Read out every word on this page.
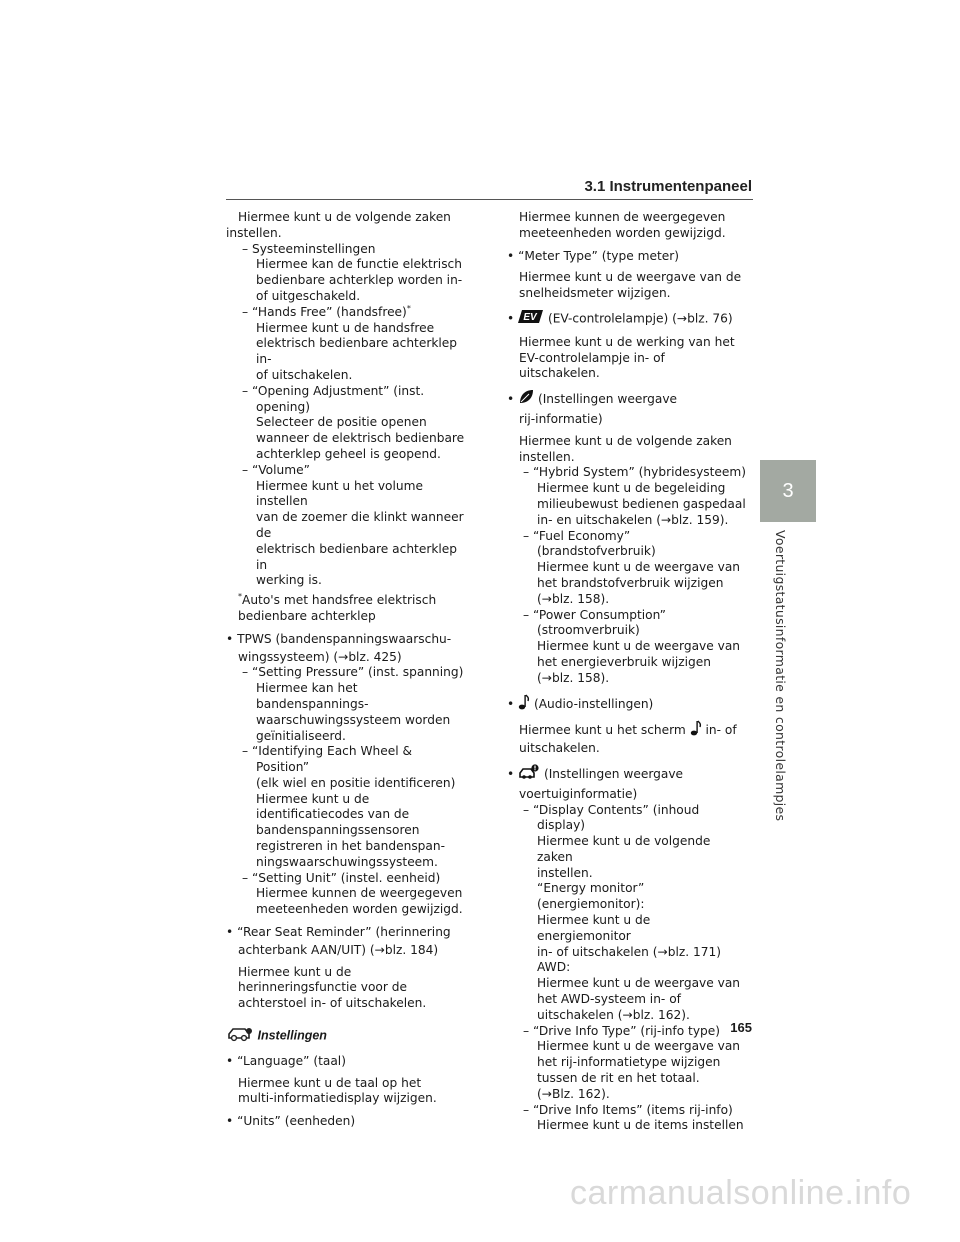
3.1 Instrumentenpaneel
3
Voertuigstatusinformatie en controlelampjes
Hiermee kunt u de volgende zaken
instellen.
– Systeeminstellingen
Hiermee kan de functie elektrisch
bedienbare achterklep worden in-
of uitgeschakeld.
– “Hands Free” (handsfree)*
Hiermee kunt u de handsfree
elektrisch bedienbare achterklep in-
of uitschakelen.
– “Opening Adjustment” (inst.
opening)
Selecteer de positie openen
wanneer de elektrisch bedienbare
achterklep geheel is geopend.
– “Volume”
Hiermee kunt u het volume instellen
van de zoemer die klinkt wanneer de
elektrisch bedienbare achterklep in
werking is.
*Auto's met handsfree elektrisch
bedienbare achterklep
• TPWS (bandenspanningswaarschu-
wingssysteem) (→blz. 425)
– “Setting Pressure” (inst. spanning)
Hiermee kan het bandenspannings-
waarschuwingssysteem worden
geïnitialiseerd.
– “Identifying Each Wheel & Position”
(elk wiel en positie identificeren)
Hiermee kunt u de
identificatiecodes van de
bandenspanningssensoren
registreren in het bandenspan-
ningswaarschuwingssysteem.
– “Setting Unit” (instel. eenheid)
Hiermee kunnen de weergegeven
meeteenheden worden gewijzigd.
• “Rear Seat Reminder” (herinnering
achterbank AAN/UIT) (→blz. 184)
Hiermee kunt u de
herinneringsfunctie voor de
achterstoel in- of uitschakelen.
Instellingen
• “Language” (taal)
Hiermee kunt u de taal op het
multi-informatiedisplay wijzigen.
• “Units” (eenheden)
Hiermee kunnen de weergegeven
meeteenheden worden gewijzigd.
• “Meter Type” (type meter)
Hiermee kunt u de weergave van de
snelheidsmeter wijzigen.
• EV (EV-controlelampje) (→blz. 76)
Hiermee kunt u de werking van het
EV-controlelampje in- of
uitschakelen.
•  (Instellingen weergave
rij-informatie)
Hiermee kunt u de volgende zaken
instellen.
– “Hybrid System” (hybridesysteem)
Hiermee kunt u de begeleiding
milieubewust bedienen gaspedaal
in- en uitschakelen (→blz. 159).
– “Fuel Economy” (brandstofverbruik)
Hiermee kunt u de weergave van
het brandstofverbruik wijzigen
(→blz. 158).
– “Power Consumption”
(stroomverbruik)
Hiermee kunt u de weergave van
het energieverbruik wijzigen
(→blz. 158).
•  (Audio-instellingen)
Hiermee kunt u het scherm in- of
uitschakelen.
•  (Instellingen weergave
voertuiginformatie)
– “Display Contents” (inhoud display)
Hiermee kunt u de volgende zaken
instellen.
“Energy monitor” (energiemonitor):
Hiermee kunt u de energiemonitor
in- of uitschakelen (→blz. 171)
AWD:
Hiermee kunt u de weergave van
het AWD-systeem in- of
uitschakelen (→blz. 162).
– “Drive Info Type” (rij-info type)
Hiermee kunt u de weergave van
het rij-informatietype wijzigen
tussen de rit en het totaal.
(→Blz. 162).
– “Drive Info Items” (items rij-info)
Hiermee kunt u de items instellen
165
carmanualsonline.info
